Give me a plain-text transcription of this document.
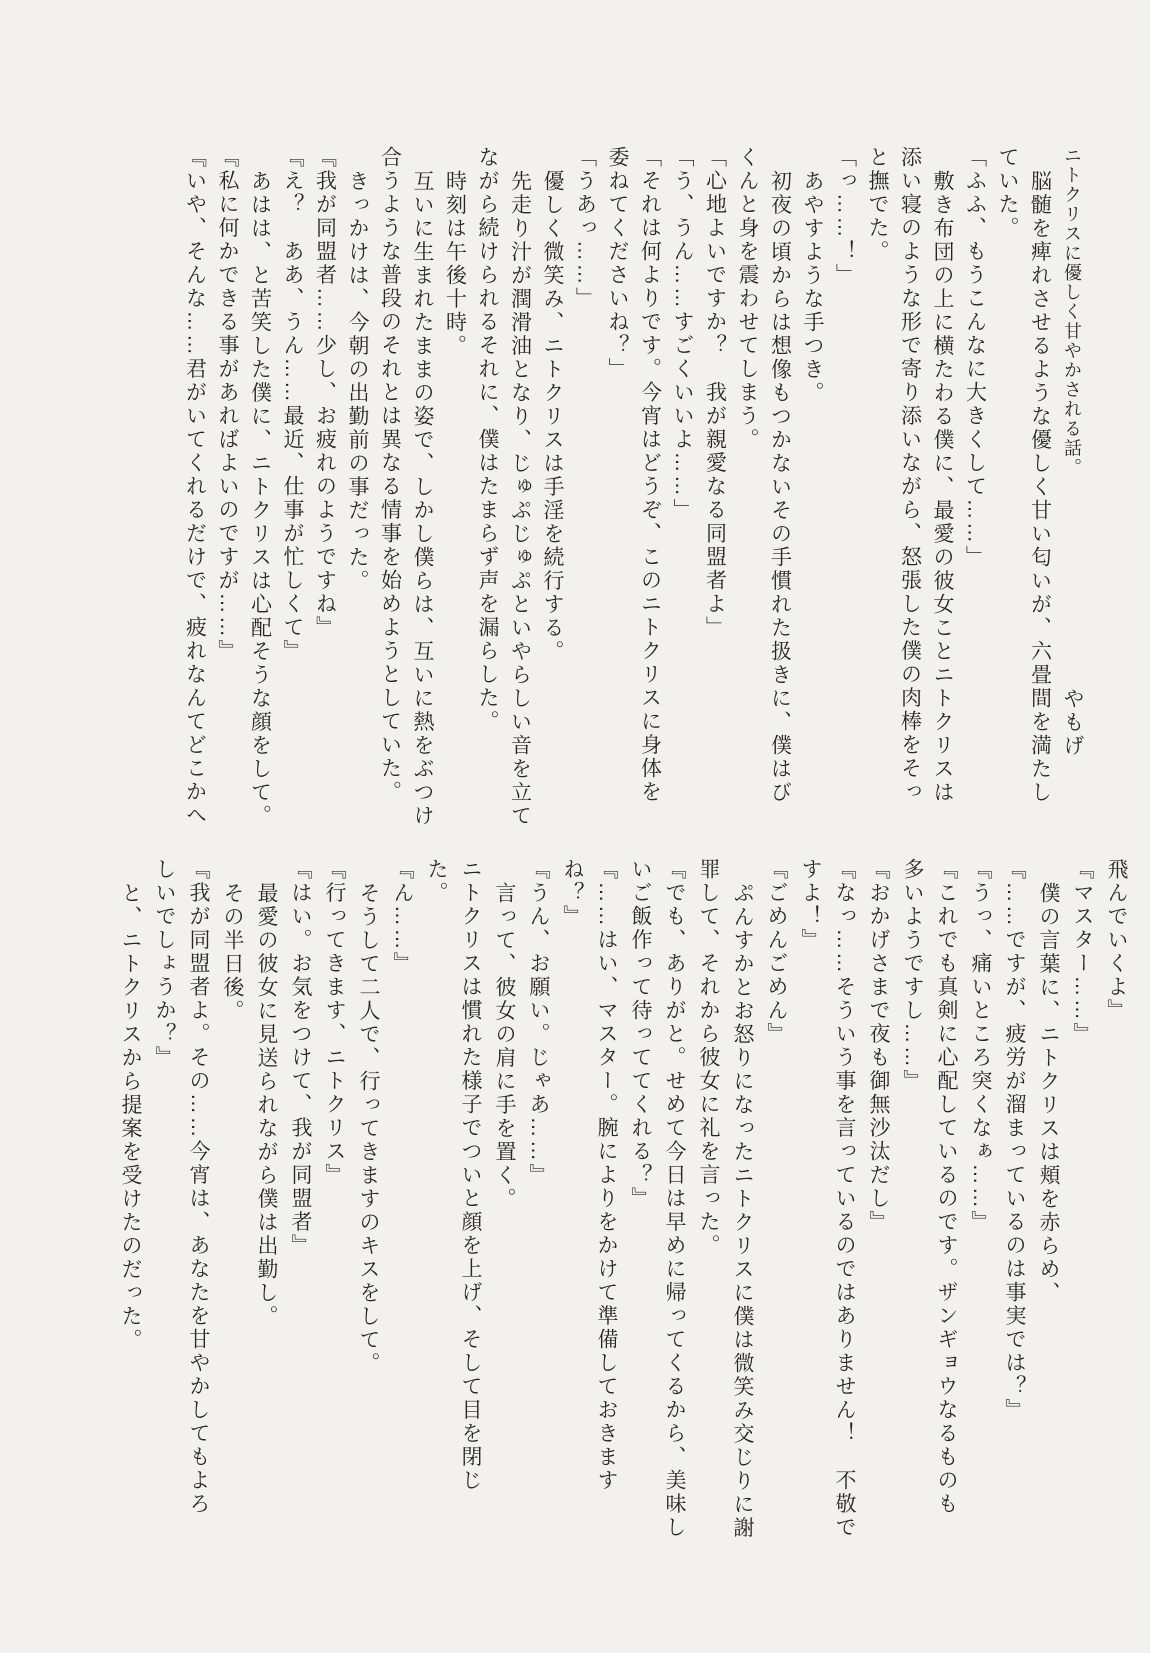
ニトクリスに優しく甘やかされる話。やもげ

脳髄を痺れさせるような優しく甘い匂いが、六畳間を満たし

ていた。

「ふふ、もうこんなに大きくして……」

敷き布団の上に横たわる僕に、最愛の彼女ことニトクリスは

添い寝のような形で寄り添いながら、怒張した僕の肉棒をそっ

と撫でた。

「っ……！」

あやすような手つき。

初夜の頃からは想像もつかないその手慣れた扱きに、僕はび

くんと身を震わせてしまう。

「心地よいですか？　我が親愛なる同盟者よ」

「う、うん……すごくいいよ……」

「それは何よりです。今宵はどうぞ、このニトクリスに身体を

委ねてくださいね？」

「うあっ……」

優しく微笑み、ニトクリスは手淫を続行する。

先走り汁が潤滑油となり、じゅぷじゅぷといやらしい音を立て

ながら続けられるそれに、僕はたまらず声を漏らした。

時刻は午後十時。

互いに生まれたままの姿で、しかし僕らは、互いに熱をぶつけ

合うような普段のそれとは異なる情事を始めようとしていた。

きっかけは、今朝の出勤前の事だった。

『我が同盟者……少し、お疲れのようですね』

『え？　ああ、うん……最近、仕事が忙しくて』

あはは、と苦笑した僕に、ニトクリスは心配そうな顔をして。

『私に何かできる事があればよいのですが……』

『いや、そんな……君がいてくれるだけで、疲れなんてどこかへ

飛んでいくよ』

『マスター……』

僕の言葉に、ニトクリスは頬を赤らめ、

『……ですが、疲労が溜まっているのは事実では？』

『うっ、痛いところ突くなぁ……』

『これでも真剣に心配しているのです。ザンギョウなるものも

多いようですし……』

『おかげさまで夜も御無沙汰だし』

『なっ……そういう事を言っているのではありません！　不敬で

すよ！』

『ごめんごめん』

ぷんすかとお怒りになったニトクリスに僕は微笑み交じりに謝

罪して、それから彼女に礼を言った。

『でも、ありがと。せめて今日は早めに帰ってくるから、美味し

いご飯作って待っててくれる？』

『……はい、マスター。腕によりをかけて準備しておきます

ね？』

『うん、お願い。じゃあ……』

言って、彼女の肩に手を置く。

ニトクリスは慣れた様子でついと顔を上げ、そして目を閉じ

た。

『ん……』

そうして二人で、行ってきますのキスをして。

『行ってきます、ニトクリス』

『はい。お気をつけて、我が同盟者』

最愛の彼女に見送られながら僕は出勤し。

その半日後。

『我が同盟者よ。その……今宵は、あなたを甘やかしてもよろ

しいでしょうか？』

と、ニトクリスから提案を受けたのだった。
